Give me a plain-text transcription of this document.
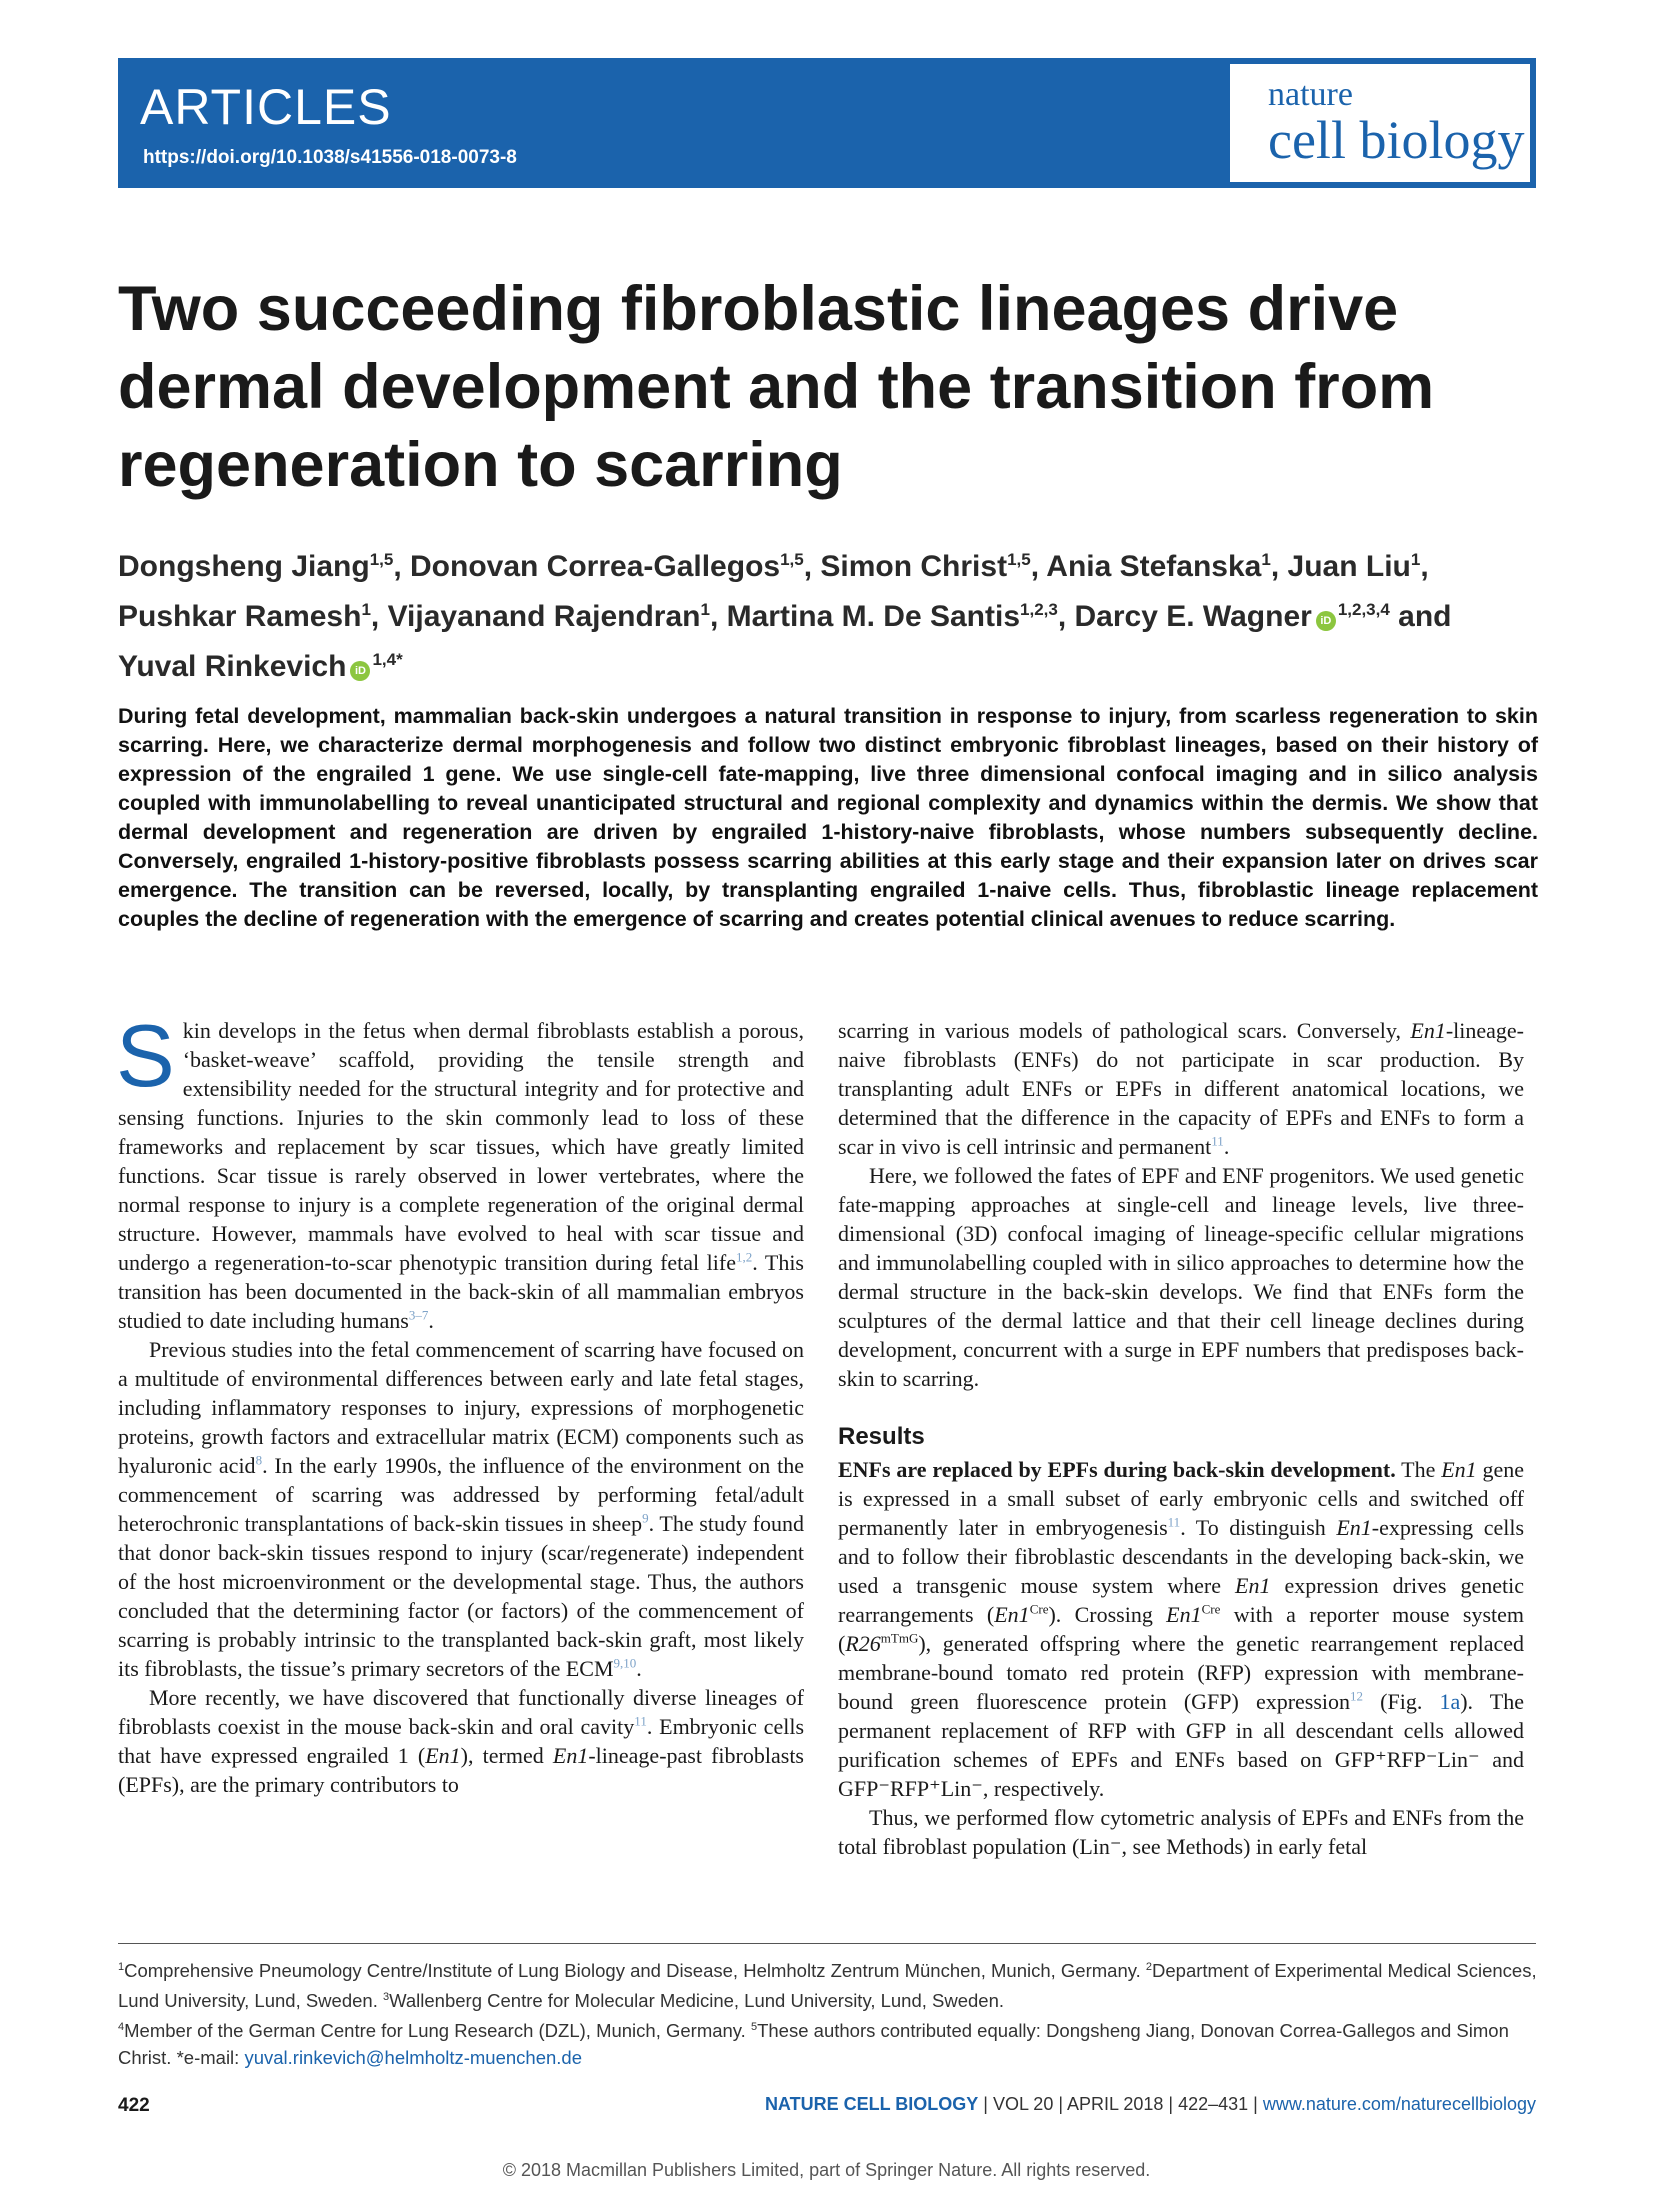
ARTICLES
https://doi.org/10.1038/s41556-018-0073-8
nature
cell biology
Two succeeding fibroblastic lineages drive dermal development and the transition from regeneration to scarring
Dongsheng Jiang$^{1,5}$, Donovan Correa-Gallegos$^{1,5}$, Simon Christ$^{1,5}$, Ania Stefanska$^1$, Juan Liu$^1$,
Pushkar Ramesh$^1$, Vijayanand Rajendran$^1$, Martina M. De Santis$^{1,2,3}$, Darcy E. Wagner iD$^{1,2,3,4}$ and
Yuval Rinkevich $iD^{1,4*}$
During fetal development, mammalian back-skin undergoes a natural transition in response to injury, from scarless regeneration to skin scarring. Here, we characterize dermal morphogenesis and follow two distinct embryonic fibroblast lineages, based on their history of expression of the engrailed 1 gene. We use single-cell fate-mapping, live three dimensional confocal imaging and in silico analysis coupled with immunolabelling to reveal unanticipated structural and regional complexity and dynamics within the dermis. We show that dermal development and regeneration are driven by engrailed 1-history-naive fibroblasts, whose numbers subsequently decline. Conversely, engrailed 1-history-positive fibroblasts possess scarring abilities at this early stage and their expansion later on drives scar emergence. The transition can be reversed, locally, by transplanting engrailed 1-naive cells. Thus, fibroblastic lineage replacement couples the decline of regeneration with the emergence of scarring and creates potential clinical avenues to reduce scarring.

Skin develops in the fetus when dermal fibroblasts establish a porous, ‘basket-weave’ scaffold, providing the tensile strength and extensibility needed for the structural integrity and for protective and sensing functions. Injuries to the skin commonly lead to loss of these frameworks and replacement by scar tissues, which have greatly limited functions. Scar tissue is rarely observed in lower vertebrates, where the normal response to injury is a complete regeneration of the original dermal structure. However, mammals have evolved to heal with scar tissue and undergo a regeneration-to-scar phenotypic transition during fetal life$^{1,2}$. This transition has been documented in the back-skin of all mammalian embryos studied to date including humans$^{3-7}$.

Previous studies into the fetal commencement of scarring have focused on a multitude of environmental differences between early and late fetal stages, including inflammatory responses to injury, expressions of morphogenetic proteins, growth factors and extracellular matrix (ECM) components such as hyaluronic acid$^8$. In the early 1990s, the influence of the environment on the commencement of scarring was addressed by performing fetal/adult heterochronic transplantations of back-skin tissues in sheep$^9$. The study found that donor back-skin tissues respond to injury (scar/regenerate) independent of the host microenvironment or the developmental stage. Thus, the authors concluded that the determining factor (or factors) of the commencement of scarring is probably intrinsic to the transplanted back-skin graft, most likely its fibroblasts, the tissue’s primary secretors of the ECM$^{9,10}$.

More recently, we have discovered that functionally diverse lineages of fibroblasts coexist in the mouse back-skin and oral cavity$^{11}$. Embryonic cells that have expressed engrailed 1 (En1), termed En1-lineage-past fibroblasts (EPFs), are the primary contributors to

scarring in various models of pathological scars. Conversely, En1-lineage-naive fibroblasts (ENFs) do not participate in scar production. By transplanting adult ENFs or EPFs in different anatomical locations, we determined that the difference in the capacity of EPFs and ENFs to form a scar in vivo is cell intrinsic and permanent$^{11}$.

Here, we followed the fates of EPF and ENF progenitors. We used genetic fate-mapping approaches at single-cell and lineage levels, live three-dimensional (3D) confocal imaging of lineage-specific cellular migrations and immunolabelling coupled with in silico approaches to determine how the dermal structure in the back-skin develops. We find that ENFs form the sculptures of the dermal lattice and that their cell lineage declines during development, concurrent with a surge in EPF numbers that predisposes back-skin to scarring.

Results

ENFs are replaced by EPFs during back-skin development. The En1 gene is expressed in a small subset of early embryonic cells and switched off permanently later in embryogenesis$^{11}$. To distinguish En1-expressing cells and to follow their fibroblastic descendants in the developing back-skin, we used a transgenic mouse system where En1 expression drives genetic rearrangements $(En1^{Cre})$. Crossing $En1^{Cre}$ with a reporter mouse system $(R26^{mTmG})$, generated offspring where the genetic rearrangement replaced membrane-bound tomato red protein (RFP) expression with membrane-bound green fluorescence protein (GFP) expression$^{12}$ (Fig. 1a). The permanent replacement of RFP with GFP in all descendant cells allowed purification schemes of EPFs and ENFs based on GFP⁺RFP⁻Lin⁻ and GFP⁻RFP⁺Lin⁻, respectively.

Thus, we performed flow cytometric analysis of EPFs and ENFs from the total fibroblast population (Lin⁻, see Methods) in early fetal

$^1$Comprehensive Pneumology Centre/Institute of Lung Biology and Disease, Helmholtz Zentrum München, Munich, Germany. $^2$Department of Experimental Medical Sciences, Lund University, Lund, Sweden. $^3$Wallenberg Centre for Molecular Medicine, Lund University, Lund, Sweden.
$^4$Member of the German Centre for Lung Research (DZL), Munich, Germany. $^5$These authors contributed equally: Dongsheng Jiang, Donovan Correa-Gallegos and Simon Christ. *e-mail: yuval.rinkevich@helmholtz-muenchen.de
422	NATURE CELL BIOLOGY | VOL 20 | APRIL 2018 | 422–431 | www.nature.com/naturecellbiology
© 2018 Macmillan Publishers Limited, part of Springer Nature. All rights reserved.
